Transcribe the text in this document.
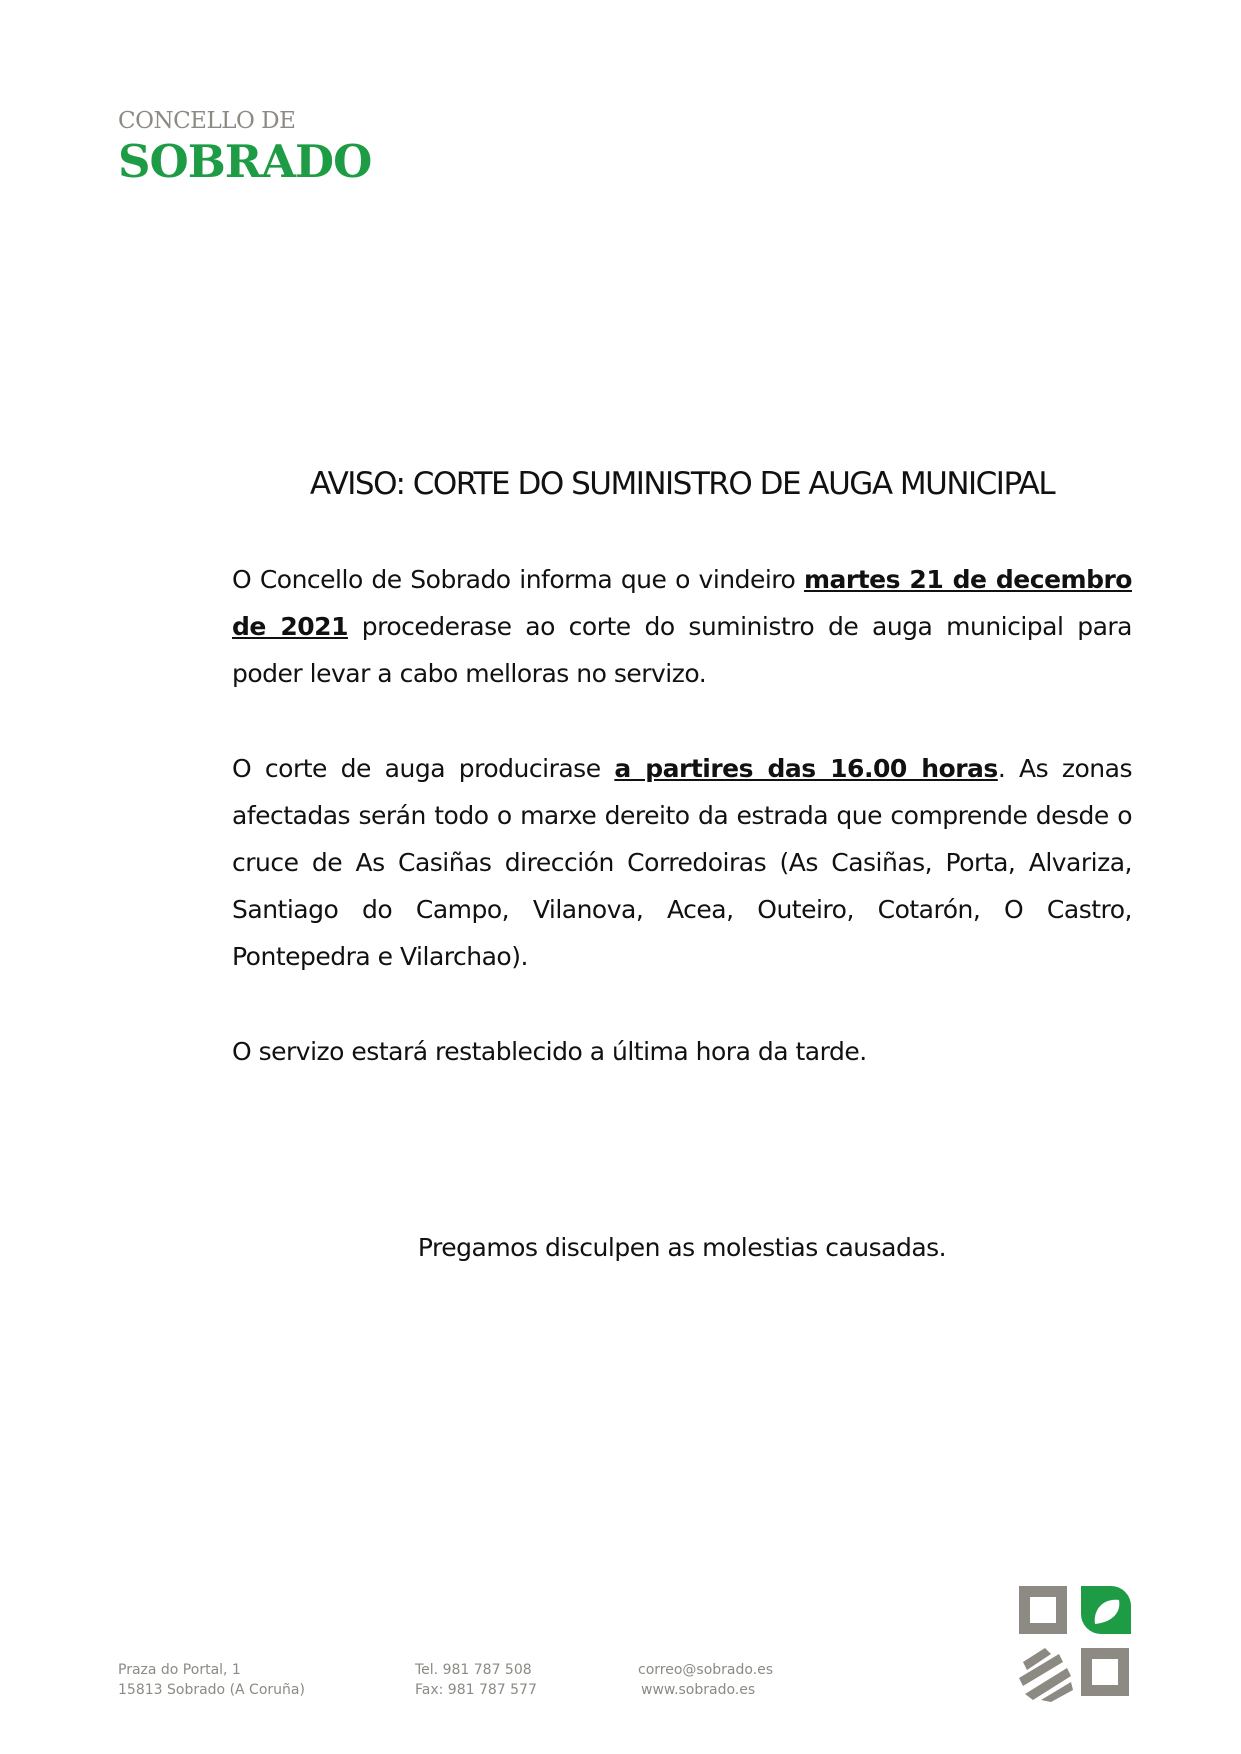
CONCELLO DE
SOBRADO
AVISO: CORTE DO SUMINISTRO DE AUGA MUNICIPAL

O Concello de Sobrado informa que o vindeiro martes 21 de decembro de 2021 procederase ao corte do suministro de auga municipal para poder levar a cabo melloras no servizo.

O corte de auga producirase a partires das 16.00 horas. As zonas afectadas serán todo o marxe dereito da estrada que comprende desde o cruce de As Casiñas dirección Corredoiras (As Casiñas, Porta, Alvariza, Santiago do Campo, Vilanova, Acea, Outeiro, Cotarón, O Castro, Pontepedra e Vilarchao).

O servizo estará restablecido a última hora da tarde.

Pregamos disculpen as molestias causadas.
Praza do Portal, 1
15813 Sobrado (A Coruña)
Tel. 981 787 508
Fax: 981 787 577
correo@sobrado.es
www.sobrado.es
